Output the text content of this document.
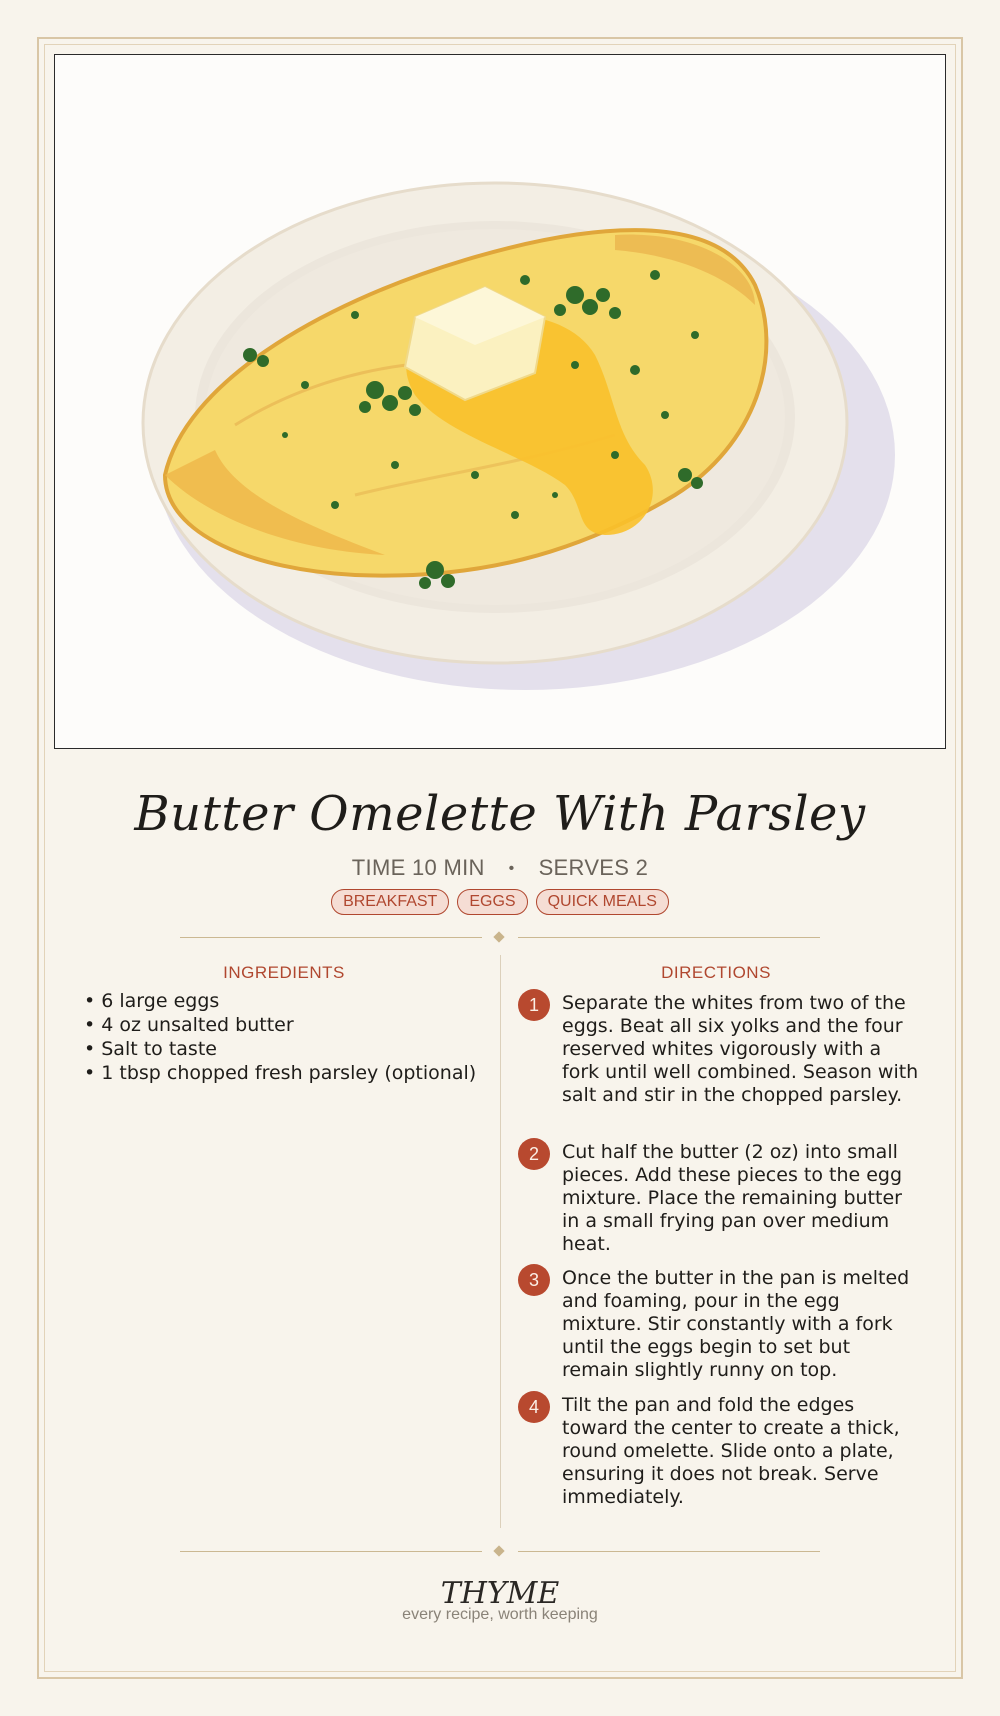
Butter Omelette With Parsley
TIME 10 MIN • SERVES 2
BREAKFAST	EGGS	QUICK MEALS
INGREDIENTS
• 6 large eggs
• 4 oz unsalted butter
• Salt to taste
• 1 tbsp chopped fresh parsley (optional)
DIRECTIONS
1	Separate the whites from two of the eggs. Beat all six yolks and the four reserved whites vigorously with a fork until well combined. Season with salt and stir in the chopped parsley.
2	Cut half the butter (2 oz) into small pieces. Add these pieces to the egg mixture. Place the remaining butter in a small frying pan over medium heat.
3	Once the butter in the pan is melted and foaming, pour in the egg mixture. Stir constantly with a fork until the eggs begin to set but remain slightly runny on top.
4	Tilt the pan and fold the edges toward the center to create a thick, round omelette. Slide onto a plate, ensuring it does not break. Serve immediately.
THYME
every recipe, worth keeping
